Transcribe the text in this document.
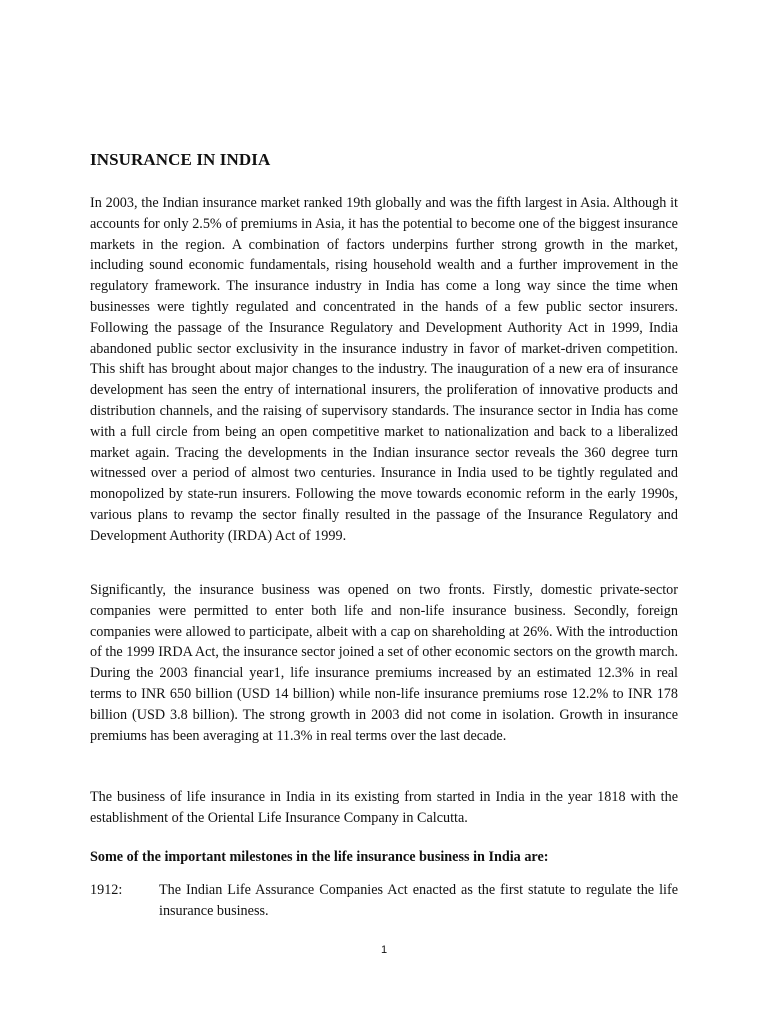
INSURANCE IN INDIA

In 2003, the Indian insurance market ranked 19th globally and was the fifth largest in Asia. Although it accounts for only 2.5% of premiums in Asia, it has the potential to become one of the biggest insurance markets in the region. A combination of factors underpins further strong growth in the market, including sound economic fundamentals, rising household wealth and a further improvement in the regulatory framework. The insurance industry in India has come a long way since the time when businesses were tightly regulated and concentrated in the hands of a few public sector insurers. Following the passage of the Insurance Regulatory and Development Authority Act in 1999, India abandoned public sector exclusivity in the insurance industry in favor of market-driven competition. This shift has brought about major changes to the industry. The inauguration of a new era of insurance development has seen the entry of international insurers, the proliferation of innovative products and distribution channels, and the raising of supervisory standards. The insurance sector in India has come with a full circle from being an open competitive market to nationalization and back to a liberalized market again. Tracing the developments in the Indian insurance sector reveals the 360 degree turn witnessed over a period of almost two centuries. Insurance in India used to be tightly regulated and monopolized by state-run insurers. Following the move towards economic reform in the early 1990s, various plans to revamp the sector finally resulted in the passage of the Insurance Regulatory and Development Authority (IRDA) Act of 1999.

Significantly, the insurance business was opened on two fronts. Firstly, domestic private-sector companies were permitted to enter both life and non-life insurance business. Secondly, foreign companies were allowed to participate, albeit with a cap on shareholding at 26%. With the introduction of the 1999 IRDA Act, the insurance sector joined a set of other economic sectors on the growth march. During the 2003 financial year1, life insurance premiums increased by an estimated 12.3% in real terms to INR 650 billion (USD 14 billion) while non-life insurance premiums rose 12.2% to INR 178 billion (USD 3.8 billion). The strong growth in 2003 did not come in isolation. Growth in insurance premiums has been averaging at 11.3% in real terms over the last decade.

The business of life insurance in India in its existing from started in India in the year 1818 with the establishment of the Oriental Life Insurance Company in Calcutta.

Some of the important milestones in the life insurance business in India are:

1912:	The Indian Life Assurance Companies Act enacted as the first statute to regulate the life insurance business.
1
